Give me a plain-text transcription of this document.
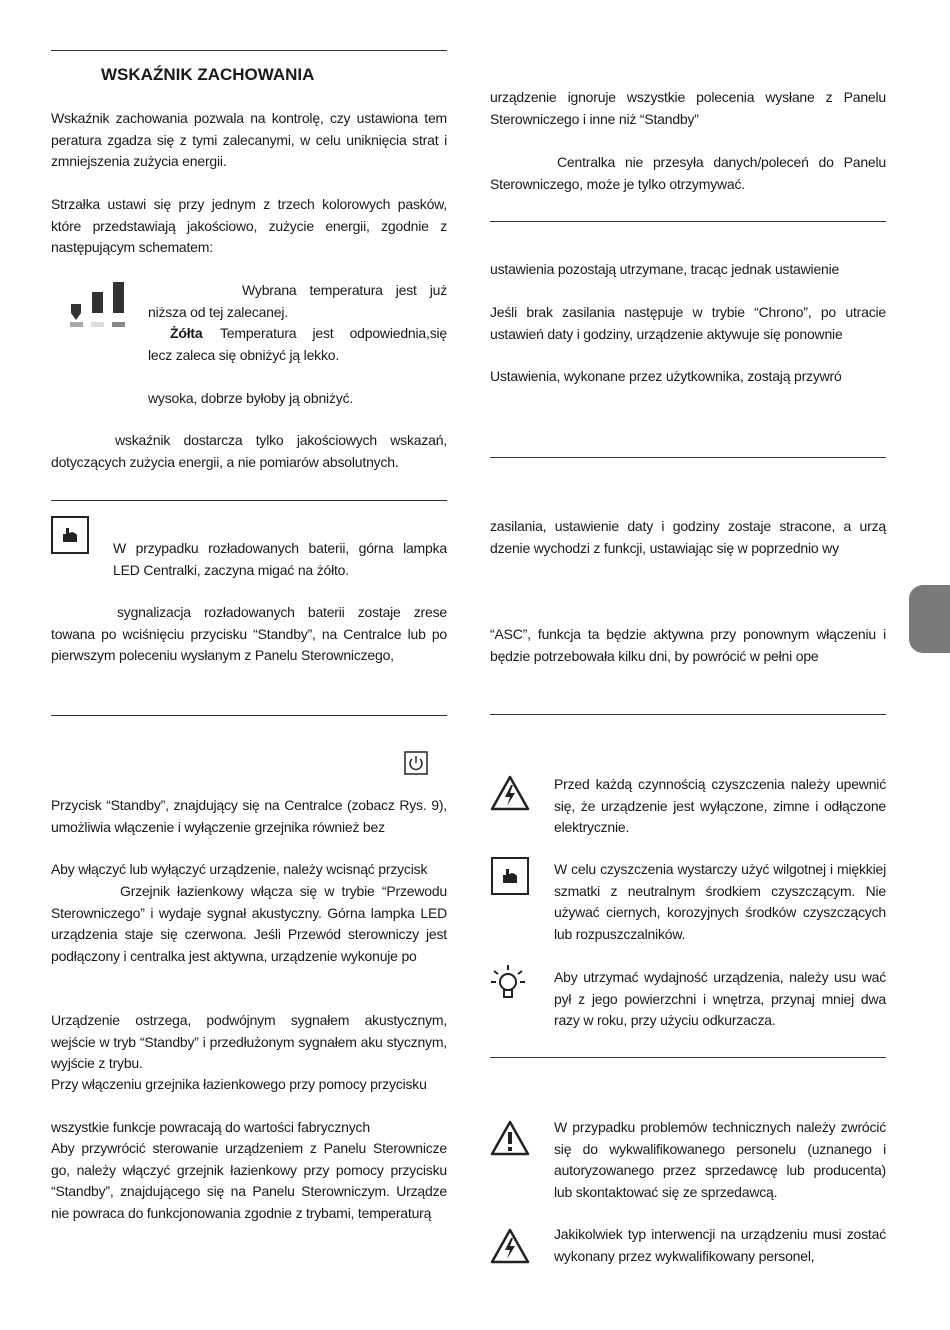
WSKAŹNIK ZACHOWANIA

Wskaźnik zachowania pozwala na kontrolę, czy ustawiona tem peratura zgadza się z tymi zalecanymi, w celu uniknięcia strat i zmniejszenia zużycia energii.

Strzałka ustawi się przy jednym z trzech kolorowych pasków, które przedstawiają jakościowo, zużycie energii, zgodnie z następującym schematem:

Wybrana temperatura jest już niższa od tej zalecanej.

Żółta	Temperatura jest odpowiednia,się lecz zaleca się obniżyć ją lekko.

wysoka, dobrze byłoby ją obniżyć.

wskaźnik dostarcza tylko jakościowych wskazań, dotyczących zużycia energii, a nie pomiarów absolutnych.

W przypadku rozładowanych baterii, górna lampka LED Centralki, zaczyna migać na żółto.

sygnalizacja rozładowanych baterii zostaje zrese towana po wciśnięciu przycisku “Standby”, na Centralce lub po pierwszym poleceniu wysłanym z Panelu Sterowniczego,

Przycisk “Standby”, znajdujący się na Centralce (zobacz Rys. 9), umożliwia włączenie i wyłączenie grzejnika również bez

Aby włączyć lub wyłączyć urządzenie, należy wcisnąć przycisk

Grzejnik łazienkowy włącza się w trybie “Przewodu Sterowniczego” i wydaje sygnał akustyczny. Górna lampka LED urządzenia staje się czerwona. Jeśli Przewód sterowniczy jest podłączony i centralka jest aktywna, urządzenie wykonuje po

Urządzenie ostrzega, podwójnym sygnałem akustycznym, wejście w tryb “Standby” i przedłużonym sygnałem aku stycznym, wyjście z trybu.

Przy włączeniu grzejnika łazienkowego przy pomocy przycisku

wszystkie funkcje powracają do wartości fabrycznych

Aby przywrócić sterowanie urządzeniem z Panelu Sterownicze go, należy włączyć grzejnik łazienkowy przy pomocy przycisku “Standby”, znajdującego się na Panelu Sterowniczym. Urządze nie powraca do funkcjonowania zgodnie z trybami, temperaturą

urządzenie ignoruje wszystkie polecenia wysłane z Panelu Sterowniczego i inne niż “Standby”

Centralka nie przesyła danych/poleceń do Panelu Sterowniczego, może je tylko otrzymywać.

ustawienia pozostają utrzymane, tracąc jednak ustawienie

Jeśli brak zasilania następuje w trybie “Chrono”, po utracie ustawień daty i godziny, urządzenie aktywuje się ponownie

Ustawienia, wykonane przez użytkownika, zostają przywró

zasilania, ustawienie daty i godziny zostaje stracone, a urzą dzenie wychodzi z funkcji, ustawiając się w poprzednio wy

“ASC”, funkcja ta będzie aktywna przy ponownym włączeniu i będzie potrzebowała kilku dni, by powrócić w pełni ope

Przed każdą czynnością czyszczenia należy upewnić się, że urządzenie jest wyłączone, zimne i odłączone elektrycznie.

W celu czyszczenia wystarczy użyć wilgotnej i miękkiej szmatki z neutralnym środkiem czyszczącym. Nie używać ciernych, korozyjnych środków czyszczących lub rozpuszczalników.

Aby utrzymać wydajność urządzenia, należy usu wać pył z jego powierzchni i wnętrza, przynaj mniej dwa razy w roku, przy użyciu odkurzacza.

W przypadku problemów technicznych należy zwrócić się do wykwalifikowanego personelu (uznanego i autoryzowanego przez sprzedawcę lub producenta) lub skontaktować się ze sprzedawcą.

Jakikolwiek typ interwencji na urządzeniu musi zostać wykonany przez wykwalifikowany personel,
